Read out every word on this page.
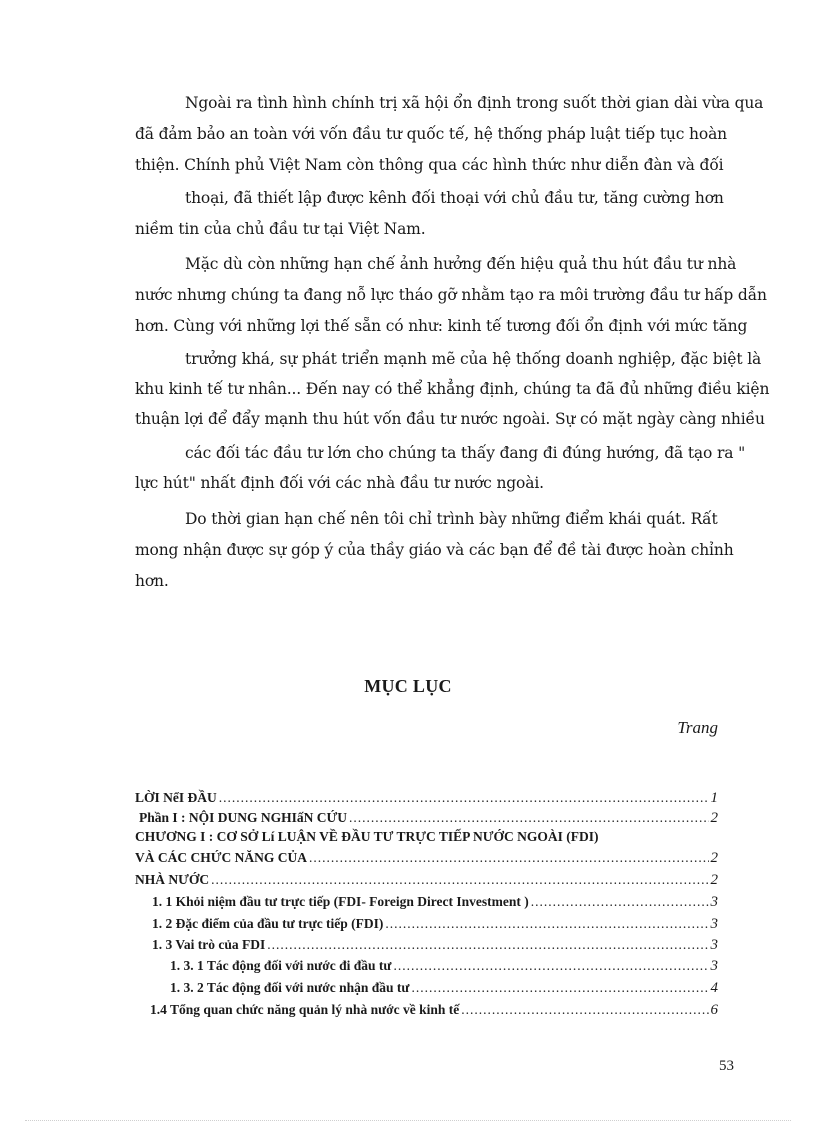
Ngoài ra tình hình chính trị xã hội ổn định trong suốt thời gian dài vừa qua
đã đảm bảo an toàn với vốn đầu tư quốc tế, hệ thống pháp luật tiếp tục hoàn
thiện. Chính phủ Việt Nam còn thông qua các hình thức như diễn đàn và đối
thoại, đã thiết lập được kênh đối thoại với chủ đầu tư, tăng cường hơn
niềm tin của chủ đầu tư tại Việt Nam.
Mặc dù còn những hạn chế ảnh hưởng đến hiệu quả thu hút đầu tư nhà
nước nhưng chúng ta đang nỗ lực tháo gỡ nhằm tạo ra môi trường đầu tư hấp dẫn
hơn. Cùng với những lợi thế sẵn có như: kinh tế tương đối ổn định với mức tăng
trưởng khá, sự phát triển mạnh mẽ của hệ thống doanh nghiệp, đặc biệt là
khu kinh tế tư nhân... Đến nay có thể khẳng định, chúng ta đã đủ những điều kiện
thuận lợi để đẩy mạnh thu hút vốn đầu tư nước ngoài. Sự có mặt ngày càng nhiều
các đối tác đầu tư lớn cho chúng ta thấy đang đi đúng hướng, đã tạo ra "
lực hút" nhất định đối với các nhà đầu tư nước ngoài.
Do thời gian hạn chế nên tôi chỉ trình bày những điểm khái quát. Rất
mong nhận được sự góp ý của thầy giáo và các bạn để đề tài được hoàn chỉnh
hơn.
MỤC LỤC
Trang
LỜI NểI ĐẦU .....	1
Phần I : NỘI DUNG NGHIấN CỨU .....	2
CHƯƠNG I : CƠ SỞ Lí LUẬN VỀ ĐẦU TƯ TRỰC TIẾP NƯỚC NGOÀI (FDI)
VÀ CÁC CHỨC NĂNG CỦA .....	2
NHÀ NƯỚC .....	2
1. 1 Khỏi niệm đầu tư trực tiếp (FDI- Foreign Direct Investment ) .....	3
1. 2 Đặc điểm của đầu tư trực tiếp (FDI) .....	3
1. 3 Vai trò của FDI .....	3
1. 3. 1 Tác động đối với nước đi đầu tư .....	3
1. 3. 2 Tác động đối với nước nhận đầu tư .....	4
1.4 Tổng quan chức năng quản lý nhà nước về kinh tế .....	6
53
